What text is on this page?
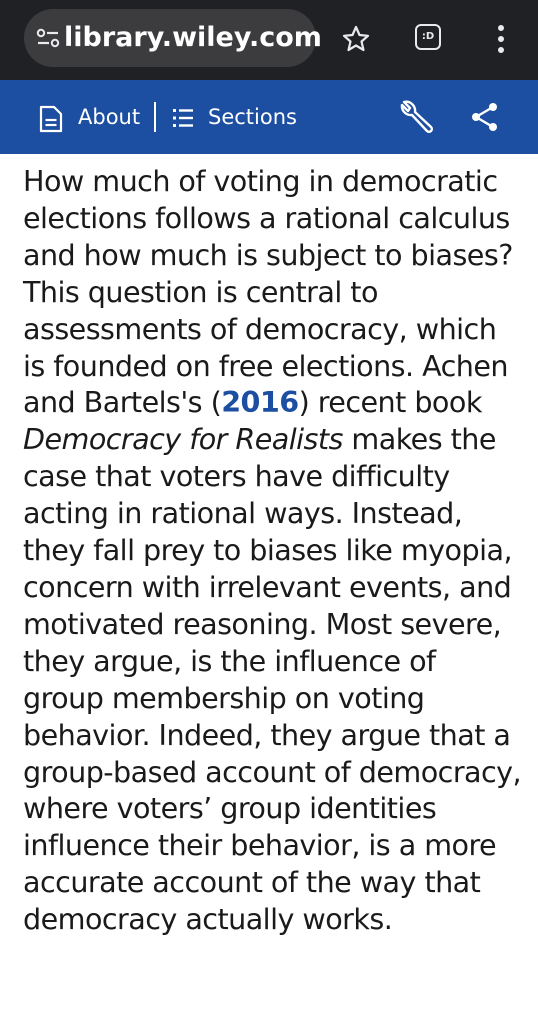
library.wiley.com	:D
About	Sections

How much of voting in democratic elections follows a rational calculus and how much is subject to biases? This question is central to assessments of democracy, which is founded on free elections. Achen and Bartels's (2016) recent book Democracy for Realists makes the case that voters have difficulty acting in rational ways. Instead, they fall prey to biases like myopia, concern with irrelevant events, and motivated reasoning. Most severe, they argue, is the influence of group membership on voting behavior. Indeed, they argue that a group-based account of democracy, where voters’ group identities influence their behavior, is a more accurate account of the way that democracy actually works.
